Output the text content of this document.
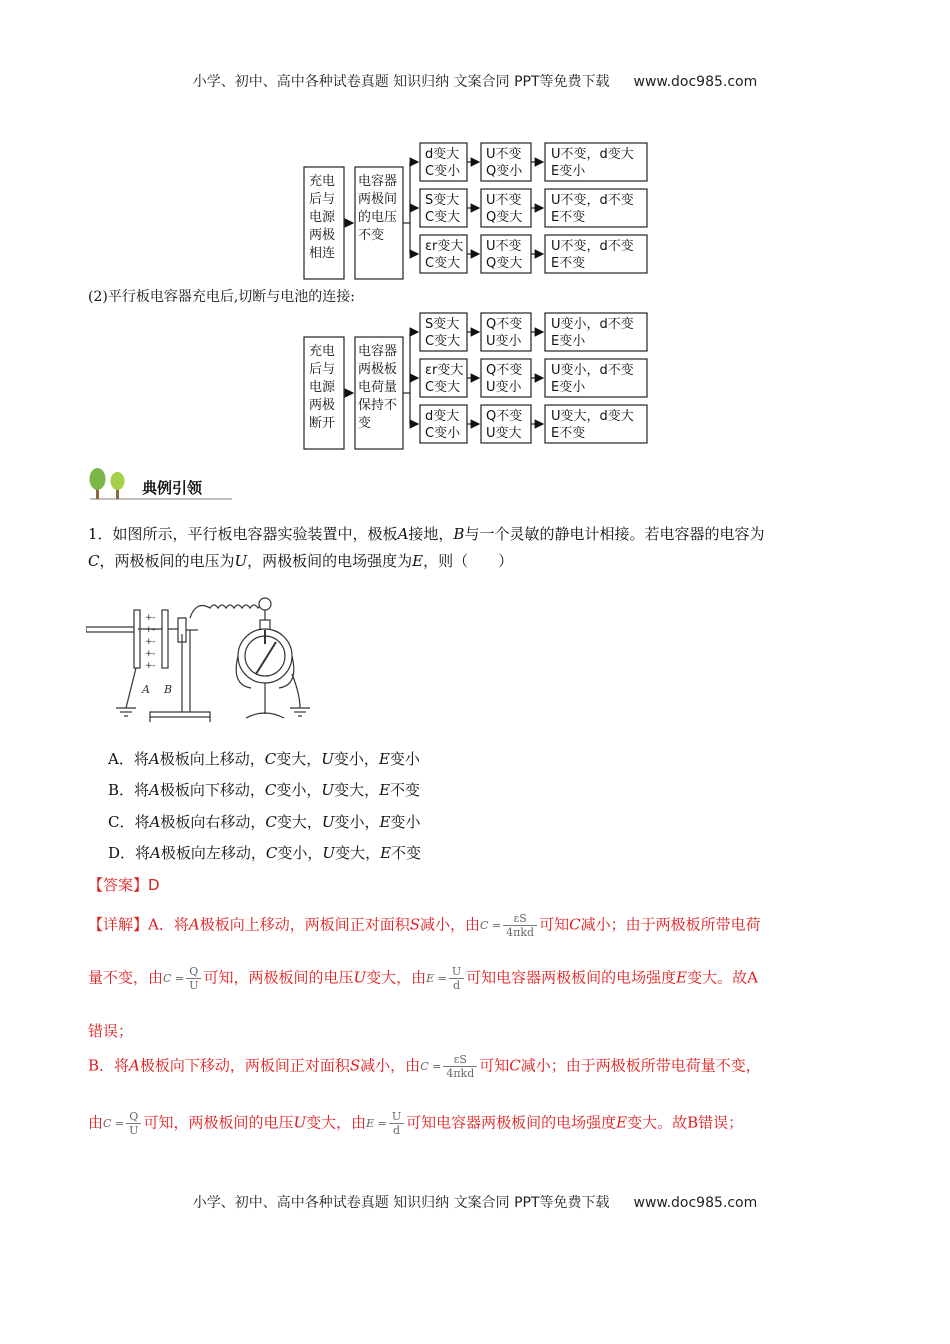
小学、初中、高中各种试卷真题 知识归纳 文案合同 PPT等免费下载 www.doc985.com
充电
后与
电源
两极
相连
电容器
两极间
的电压
不变
d变大
C变小
U不变
Q变小
U不变，d变大
E变小
S变大
C变大
U不变
Q变大
U不变，d不变
E不变
εr变大
C变大
U不变
Q变大
U不变，d不变
E不变
充电
后与
电源
两极
断开
电容器
两极板
电荷量
保持不
变
S变大
C变大
Q不变
U变小
U变小，d不变
E变小
εr变大
C变大
Q不变
U变小
U变小，d不变
E变小
d变大
C变小
Q不变
U变大
U变大，d变大
E不变
(2)平行板电容器充电后,切断与电池的连接:
典例引领
1．如图所示，平行板电容器实验装置中，极板A接地，B与一个灵敏的静电计相接。若电容器的电容为
C，两极板间的电压为U，两极板间的电场强度为E，则（　　）
+ -
+ -
+ -
+ -
+ -
A B
A．将A极板向上移动，C变大，U变小，E变小
B．将A极板向下移动，C变小，U变大，E不变
C．将A极板向右移动，C变大，U变小，E变小
D．将A极板向左移动，C变小，U变大，E不变
【答案】D
【详解】A．将A极板向上移动，两板间正对面积S减小，由$C = \frac{\varepsilon S}{\text{4πkd}}$ 可知C减小；由于两极板所带电荷
量不变，由$C = \frac{Q}{U}$ 可知，两极板间的电压U变大，由$E = \frac{U}{d}$ 可知电容器两极板间的电场强度E变大。故A
错误；
B．将A极板向下移动，两板间正对面积S减小，由$C = \frac{\varepsilon S}{\text{4πkd}}$ 可知C减小；由于两极板所带电荷量不变，
由$C = \frac{Q}{U}$ 可知，两极板间的电压U变大，由$E = \frac{U}{d}$ 可知电容器两极板间的电场强度E变大。故B错误；
小学、初中、高中各种试卷真题 知识归纳 文案合同 PPT等免费下载 www.doc985.com
